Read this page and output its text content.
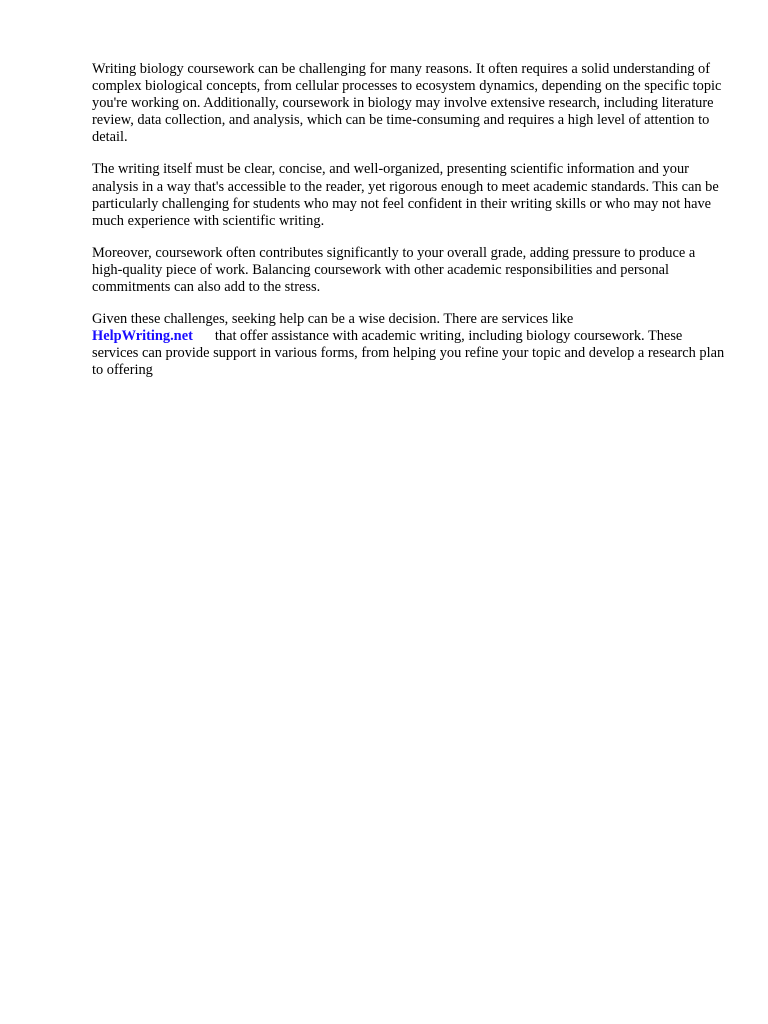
Writing biology coursework can be challenging for many reasons. It often requires a solid understanding of complex biological concepts, from cellular processes to ecosystem dynamics, depending on the specific topic you're working on. Additionally, coursework in biology may involve extensive research, including literature review, data collection, and analysis, which can be time-consuming and requires a high level of attention to detail.

The writing itself must be clear, concise, and well-organized, presenting scientific information and your analysis in a way that's accessible to the reader, yet rigorous enough to meet academic standards. This can be particularly challenging for students who may not feel confident in their writing skills or who may not have much experience with scientific writing.

Moreover, coursework often contributes significantly to your overall grade, adding pressure to produce a high-quality piece of work. Balancing coursework with other academic responsibilities and personal commitments can also add to the stress.

Given these challenges, seeking help can be a wise decision. There are services like
HelpWriting.net that offer assistance with academic writing, including biology coursework. These services can provide support in various forms, from helping you refine your topic and develop a research plan to offering
